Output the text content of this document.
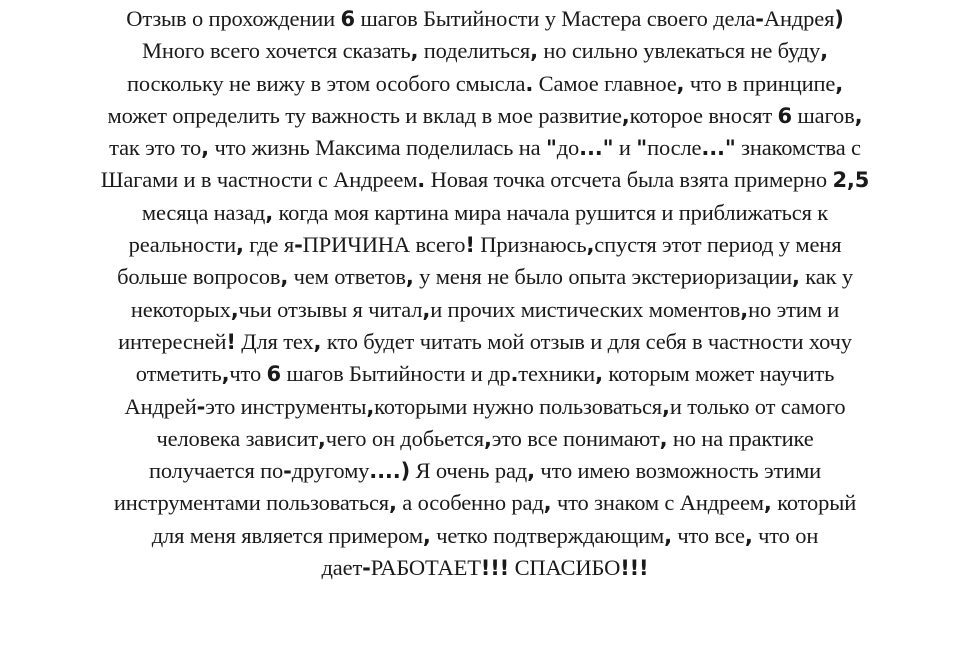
Отзыв о прохождении 6 шагов Бытийности у Мастера своего дела-Андрея)
Много всего хочется сказать, поделиться, но сильно увлекаться не буду,
поскольку не вижу в этом особого смысла. Самое главное, что в принципе,
может определить ту важность и вклад в мое развитие,которое вносят 6 шагов,
так это то, что жизнь Максима поделилась на "до..." и "после..." знакомства с
Шагами и в частности с Андреем. Новая точка отсчета была взята примерно 2,5
месяца назад, когда моя картина мира начала рушится и приближаться к
реальности, где я-ПРИЧИНА всего! Признаюсь,спустя этот период у меня
больше вопросов, чем ответов, у меня не было опыта экстериоризации, как у
некоторых,чьи отзывы я читал,и прочих мистических моментов,но этим и
интересней! Для тех, кто будет читать мой отзыв и для себя в частности хочу
отметить,что 6 шагов Бытийности и др.техники, которым может научить
Андрей-это инструменты,которыми нужно пользоваться,и только от самого
человека зависит,чего он добьется,это все понимают, но на практике
получается по-другому....) Я очень рад, что имею возможность этими
инструментами пользоваться, а особенно рад, что знаком с Андреем, который
для меня является примером, четко подтверждающим, что все, что он
дает-РАБОТАЕТ!!! СПАСИБО!!!
